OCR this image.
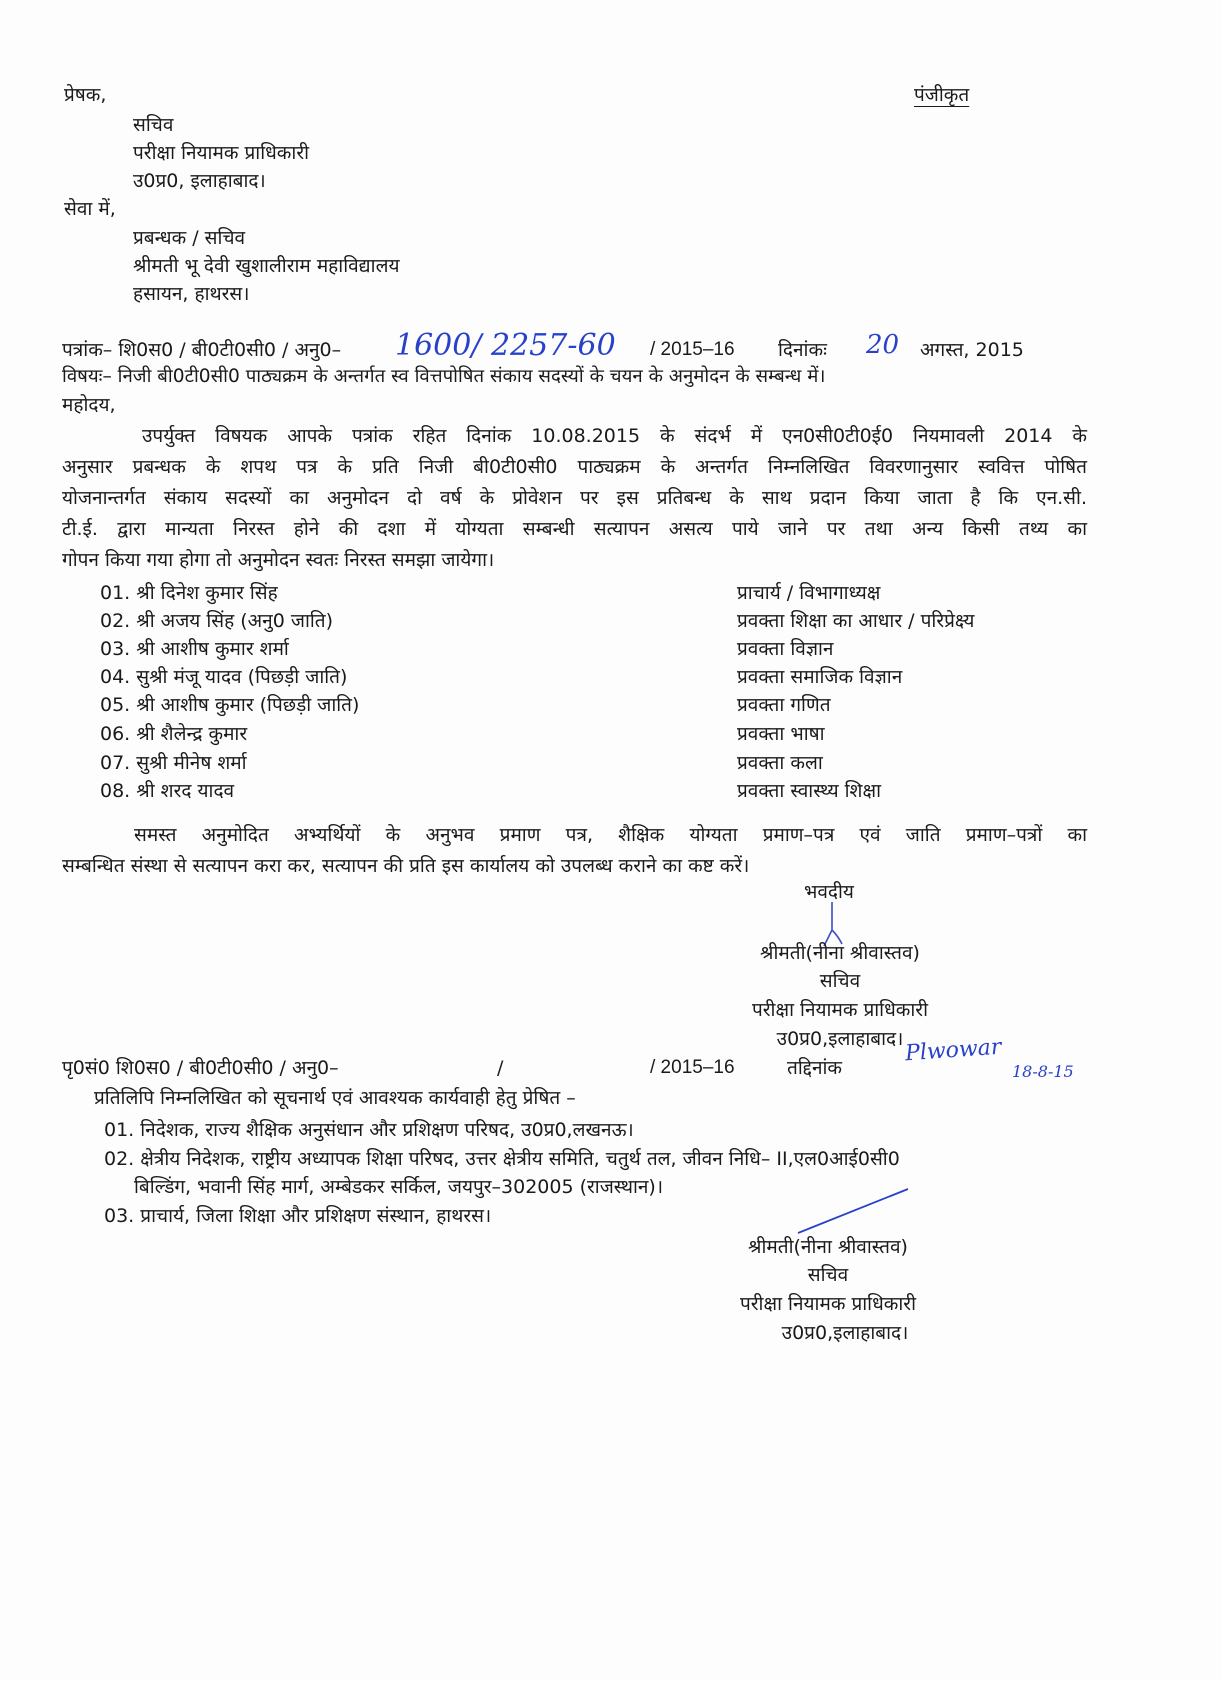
प्रेषक,
सचिव
परीक्षा नियामक प्राधिकारी
उ0प्र0, इलाहाबाद।
पंजीकृत
सेवा में,
प्रबन्धक / सचिव
श्रीमती भू देवी खुशालीराम महाविद्यालय
हसायन, हाथरस।
पत्रांक– शि0स0 / बी0टी0सी0 / अनु0– 1600/ 2257-60 / 2015–16 दिनांकः 20 अगस्त, 2015
विषयः– निजी बी0टी0सी0 पाठ्यक्रम के अन्तर्गत स्व वित्तपोषित संकाय सदस्यों के चयन के अनुमोदन के सम्बन्ध में।
महोदय,
उपर्युक्त विषयक आपके पत्रांक रहित दिनांक 10.08.2015 के संदर्भ में एन0सी0टी0ई0 नियमावली 2014 के
अनुसार प्रबन्धक के शपथ पत्र के प्रति निजी बी0टी0सी0 पाठ्यक्रम के अन्तर्गत निम्नलिखित विवरणानुसार स्ववित्त पोषित
योजनान्तर्गत संकाय सदस्यों का अनुमोदन दो वर्ष के प्रोवेशन पर इस प्रतिबन्ध के साथ प्रदान किया जाता है कि एन.सी.
टी.ई. द्वारा मान्यता निरस्त होने की दशा में योग्यता सम्बन्धी सत्यापन असत्य पाये जाने पर तथा अन्य किसी तथ्य का
गोपन किया गया होगा तो अनुमोदन स्वतः निरस्त समझा जायेगा।
01. श्री दिनेश कुमार सिंह	प्राचार्य / विभागाध्यक्ष
02. श्री अजय सिंह (अनु0 जाति)	प्रवक्ता शिक्षा का आधार / परिप्रेक्ष्य
03. श्री आशीष कुमार शर्मा	प्रवक्ता विज्ञान
04. सुश्री मंजू यादव (पिछड़ी जाति)	प्रवक्ता समाजिक विज्ञान
05. श्री आशीष कुमार (पिछड़ी जाति)	प्रवक्ता गणित
06. श्री शैलेन्द्र कुमार	प्रवक्ता भाषा
07. सुश्री मीनेष शर्मा	प्रवक्ता कला
08. श्री शरद यादव	प्रवक्ता स्वास्थ्य शिक्षा
समस्त अनुमोदित अभ्यर्थियों के अनुभव प्रमाण पत्र, शैक्षिक योग्यता प्रमाण–पत्र एवं जाति प्रमाण–पत्रों का
सम्बन्धित संस्था से सत्यापन करा कर, सत्यापन की प्रति इस कार्यालय को उपलब्ध कराने का कष्ट करें।
भवदीय
श्रीमती(नीना श्रीवास्तव)
सचिव
परीक्षा नियामक प्राधिकारी
उ0प्र0,इलाहाबाद।
पृ0सं0 शि0स0 / बी0टी0सी0 / अनु0–	/	/ 2015–16	तद्दिनांक
Plwowar
18-8-15
प्रतिलिपि निम्नलिखित को सूचनार्थ एवं आवश्यक कार्यवाही हेतु प्रेषित –
01. निदेशक, राज्य शैक्षिक अनुसंधान और प्रशिक्षण परिषद, उ0प्र0,लखनऊ।
02. क्षेत्रीय निदेशक, राष्ट्रीय अध्यापक शिक्षा परिषद, उत्तर क्षेत्रीय समिति, चतुर्थ तल, जीवन निधि– II,एल0आई0सी0
बिल्डिंग, भवानी सिंह मार्ग, अम्बेडकर सर्किल, जयपुर–302005 (राजस्थान)।
03. प्राचार्य, जिला शिक्षा और प्रशिक्षण संस्थान, हाथरस।
श्रीमती(नीना श्रीवास्तव)
सचिव
परीक्षा नियामक प्राधिकारी
उ0प्र0,इलाहाबाद।
